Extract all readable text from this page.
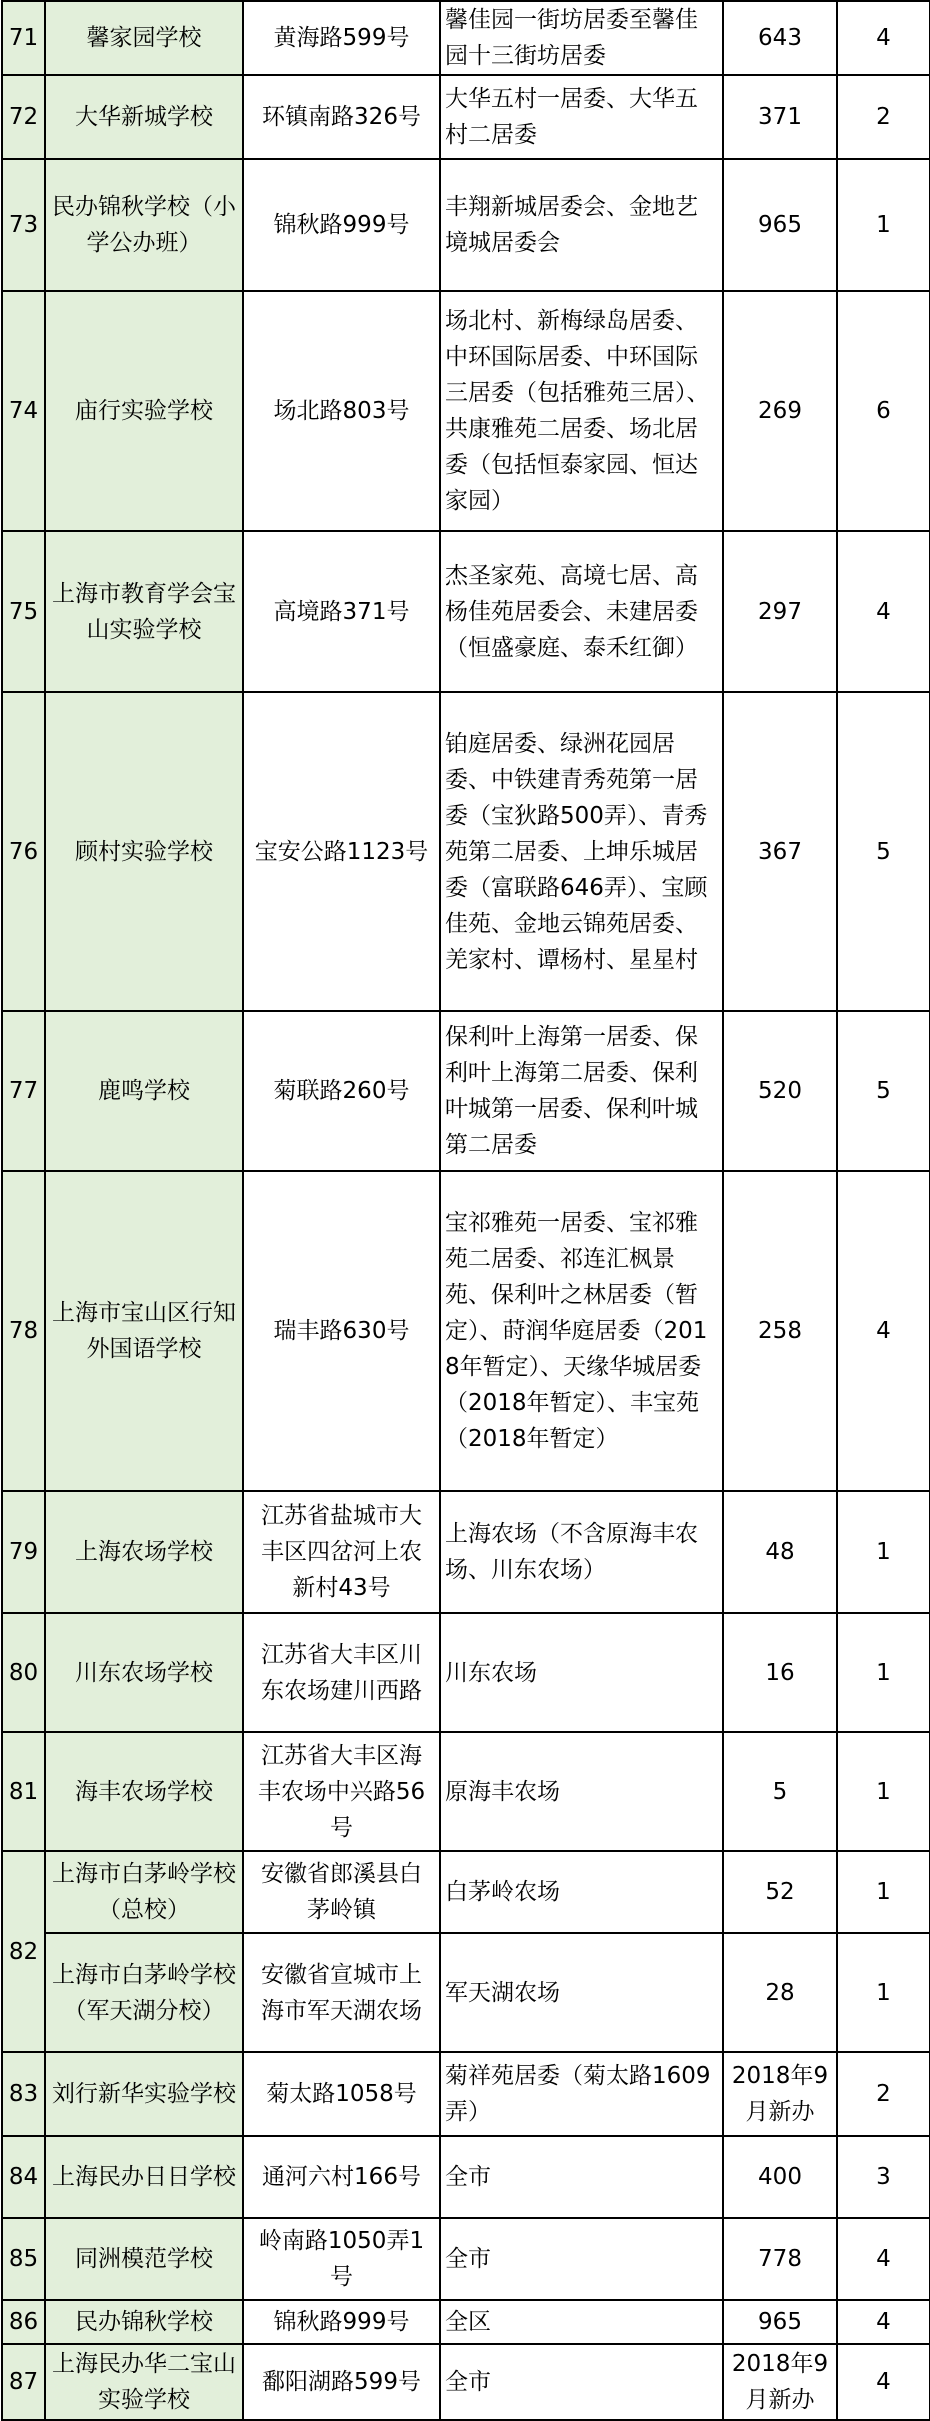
71	馨家园学校	黄海路599号	馨佳园一街坊居委至馨佳园十三街坊居委	643	4
72	大华新城学校	环镇南路326号	大华五村一居委、大华五村二居委	371	2
73	民办锦秋学校（小学公办班）	锦秋路999号	丰翔新城居委会、金地艺境城居委会	965	1
74	庙行实验学校	场北路803号	场北村、新梅绿岛居委、中环国际居委、中环国际三居委（包括雅苑三居）、共康雅苑二居委、场北居委（包括恒泰家园、恒达家园）	269	6
75	上海市教育学会宝山实验学校	高境路371号	杰圣家苑、高境七居、高杨佳苑居委会、未建居委（恒盛豪庭、泰禾红御）	297	4
76	顾村实验学校	宝安公路1123号	铂庭居委、绿洲花园居委、中铁建青秀苑第一居委（宝狄路500弄）、青秀苑第二居委、上坤乐城居委（富联路646弄）、宝顾佳苑、金地云锦苑居委、羌家村、谭杨村、星星村	367	5
77	鹿鸣学校	菊联路260号	保利叶上海第一居委、保利叶上海第二居委、保利叶城第一居委、保利叶城第二居委	520	5
78	上海市宝山区行知外国语学校	瑞丰路630号	宝祁雅苑一居委、宝祁雅苑二居委、祁连汇枫景苑、保利叶之林居委（暂定）、莳润华庭居委（2018年暂定）、天缘华城居委（2018年暂定）、丰宝苑（2018年暂定）	258	4
79	上海农场学校	江苏省盐城市大丰区四岔河上农新村43号	上海农场（不含原海丰农场、川东农场）	48	1
80	川东农场学校	江苏省大丰区川东农场建川西路	川东农场	16	1
81	海丰农场学校	江苏省大丰区海丰农场中兴路56号	原海丰农场	5	1
82	上海市白茅岭学校（总校）	安徽省郎溪县白茅岭镇	白茅岭农场	52	1
	上海市白茅岭学校（军天湖分校）	安徽省宣城市上海市军天湖农场	军天湖农场	28	1
83	刘行新华实验学校	菊太路1058号	菊祥苑居委（菊太路1609弄）	2018年9月新办	2
84	上海民办日日学校	通河六村166号	全市	400	3
85	同洲模范学校	岭南路1050弄1号	全市	778	4
86	民办锦秋学校	锦秋路999号	全区	965	4
87	上海民办华二宝山实验学校	鄱阳湖路599号	全市	2018年9月新办	4
